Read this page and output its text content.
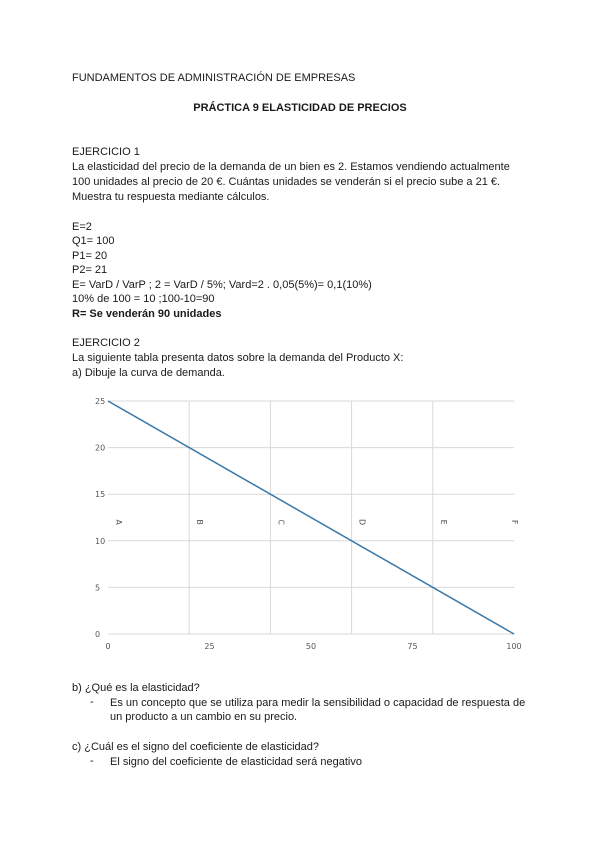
FUNDAMENTOS DE ADMINISTRACIÓN DE EMPRESAS
PRÁCTICA 9 ELASTICIDAD DE PRECIOS
EJERCICIO 1
La elasticidad del precio de la demanda de un bien es 2. Estamos vendiendo actualmente
100 unidades al precio de 20 €. Cuántas unidades se venderán si el precio sube a 21 €.
Muestra tu respuesta mediante cálculos.
E=2
Q1= 100
P1= 20
P2= 21
E= VarD / VarP ; 2 = VarD / 5%; Vard=2 . 0,05(5%)= 0,1(10%)
10% de 100 = 10 ;100-10=90
R= Se venderán 90 unidades
EJERCICIO 2
La siguiente tabla presenta datos sobre la demanda del Producto X:
a) Dibuje la curva de demanda.
0
5
10
15
20
25
0	25	50	75	100
A	B	C	D	E	F
b) ¿Qué es la elasticidad?
- Es un concepto que se utiliza para medir la sensibilidad o capacidad de respuesta de
un producto a un cambio en su precio.
c) ¿Cuál es el signo del coeficiente de elasticidad?
- El signo del coeficiente de elasticidad será negativo
